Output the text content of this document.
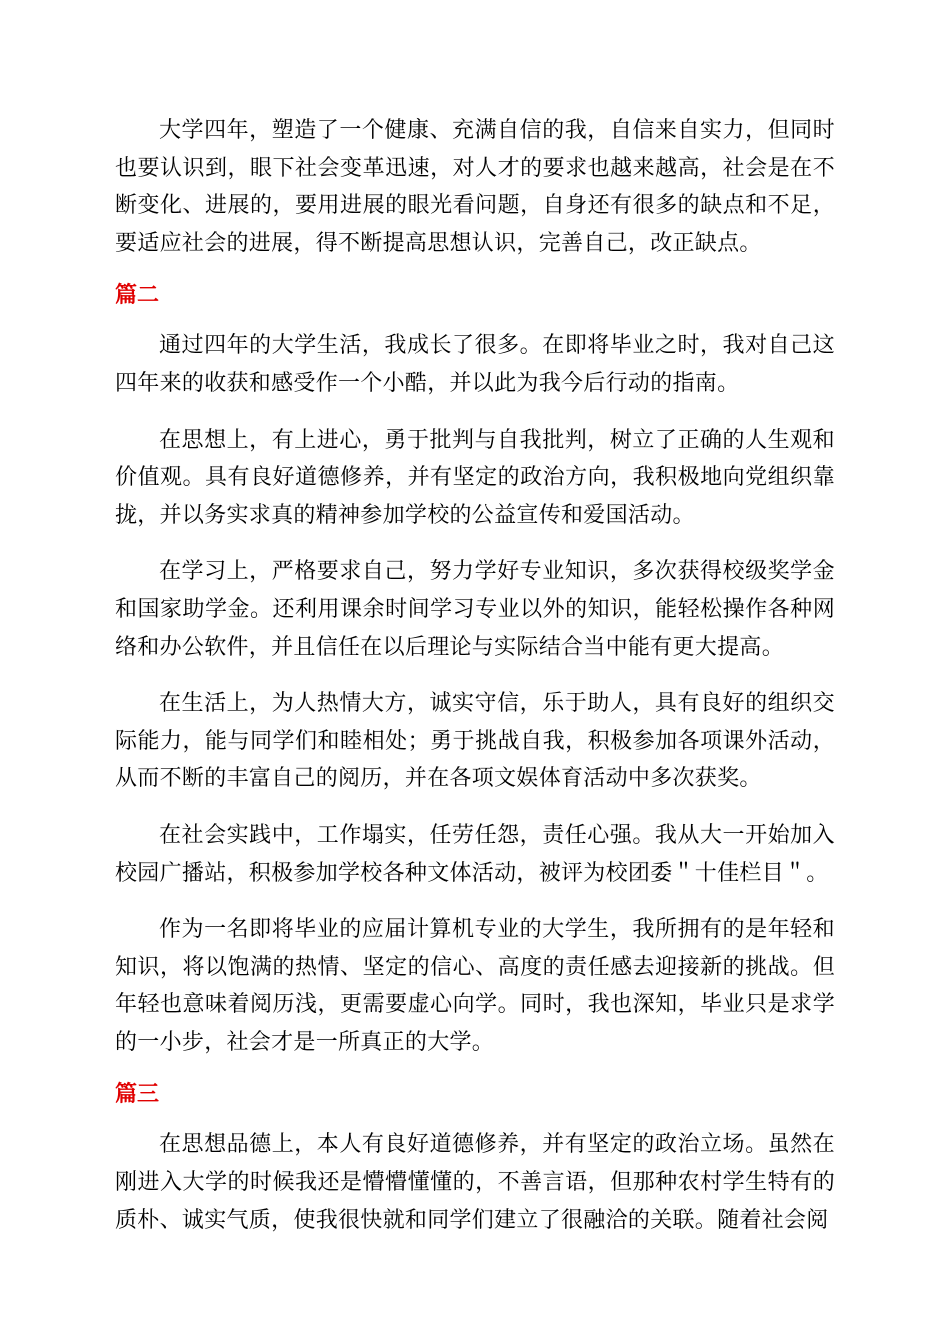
大学四年，塑造了一个健康、充满自信的我，自信来自实力，但同时也要认识到，眼下社会变革迅速，对人才的要求也越来越高，社会是在不断变化、进展的，要用进展的眼光看问题，自身还有很多的缺点和不足，要适应社会的进展，得不断提高思想认识，完善自己，改正缺点。

篇二

通过四年的大学生活，我成长了很多。在即将毕业之时，我对自己这四年来的收获和感受作一个小酷，并以此为我今后行动的指南。

在思想上，有上进心，勇于批判与自我批判，树立了正确的人生观和价值观。具有良好道德修养，并有坚定的政治方向，我积极地向党组织靠拢，并以务实求真的精神参加学校的公益宣传和爱国活动。

在学习上，严格要求自己，努力学好专业知识，多次获得校级奖学金和国家助学金。还利用课余时间学习专业以外的知识，能轻松操作各种网络和办公软件，并且信任在以后理论与实际结合当中能有更大提高。

在生活上，为人热情大方，诚实守信，乐于助人，具有良好的组织交际能力，能与同学们和睦相处；勇于挑战自我，积极参加各项课外活动，从而不断的丰富自己的阅历，并在各项文娱体育活动中多次获奖。

在社会实践中，工作塌实，任劳任怨，责任心强。我从大一开始加入校园广播站，积极参加学校各种文体活动，被评为校团委＂十佳栏目＂。

作为一名即将毕业的应届计算机专业的大学生，我所拥有的是年轻和知识，将以饱满的热情、坚定的信心、高度的责任感去迎接新的挑战。但年轻也意味着阅历浅，更需要虚心向学。同时，我也深知，毕业只是求学的一小步，社会才是一所真正的大学。

篇三

在思想品德上，本人有良好道德修养，并有坚定的政治立场。虽然在刚进入大学的时候我还是懵懵懂懂的，不善言语，但那种农村学生特有的质朴、诚实气质，使我很快就和同学们建立了很融洽的关联。随着社会阅
